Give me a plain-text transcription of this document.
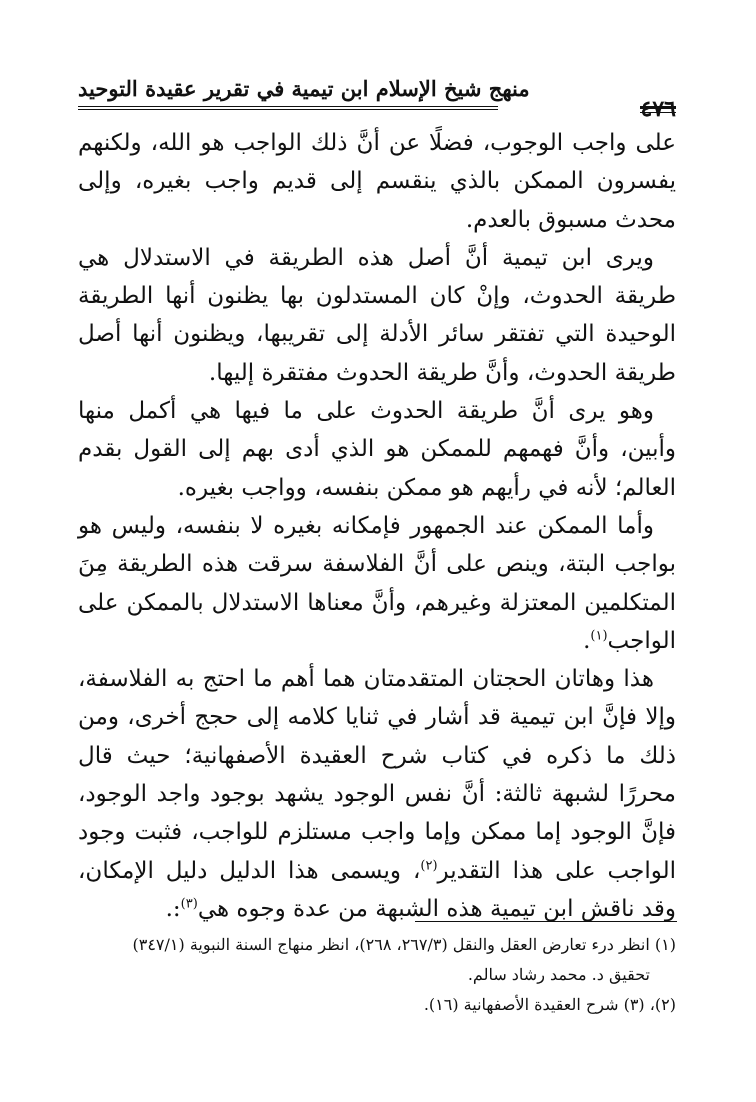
٤٧٦
منهج شيخ الإسلام ابن تيمية في تقرير عقيدة التوحيد

على واجب الوجوب، فضلًا عن أنَّ ذلك الواجب هو الله، ولكنهم يفسرون الممكن بالذي ينقسم إلى قديم واجب بغيره، وإلى محدث مسبوق بالعدم.

ويرى ابن تيمية أنَّ أصل هذه الطريقة في الاستدلال هي طريقة الحدوث، وإنْ كان المستدلون بها يظنون أنها الطريقة الوحيدة التي تفتقر سائر الأدلة إلى تقريبها، ويظنون أنها أصل طريقة الحدوث، وأنَّ طريقة الحدوث مفتقرة إليها.

وهو يرى أنَّ طريقة الحدوث على ما فيها هي أكمل منها وأبين، وأنَّ فهمهم للممكن هو الذي أدى بهم إلى القول بقدم العالم؛ لأنه في رأيهم هو ممكن بنفسه، وواجب بغيره.

وأما الممكن عند الجمهور فإمكانه بغيره لا بنفسه، وليس هو بواجب البتة، وينص على أنَّ الفلاسفة سرقت هذه الطريقة مِنَ المتكلمين المعتزلة وغيرهم، وأنَّ معناها الاستدلال بالممكن على الواجب$^{(١)}$.

هذا وهاتان الحجتان المتقدمتان هما أهم ما احتج به الفلاسفة، وإلا فإنَّ ابن تيمية قد أشار في ثنايا كلامه إلى حجج أخرى، ومن ذلك ما ذكره في كتاب شرح العقيدة الأصفهانية؛ حيث قال محررًا لشبهة ثالثة: أنَّ نفس الوجود يشهد بوجود واجد الوجود، فإنَّ الوجود إما ممكن وإما واجب مستلزم للواجب، فثبت وجود الواجب على هذا التقدير$^{(٢)}$، ويسمى هذا الدليل دليل الإمكان، وقد ناقش ابن تيمية هذه الشبهة من عدة وجوه هي$^{(٣)}$:.

(١) انظر درء تعارض العقل والنقل (٢٦٧/٣، ٢٦٨)، انظر منهاج السنة النبوية (٣٤٧/١)

تحقيق د. محمد رشاد سالم.

(٢)، (٣) شرح العقيدة الأصفهانية (١٦).
